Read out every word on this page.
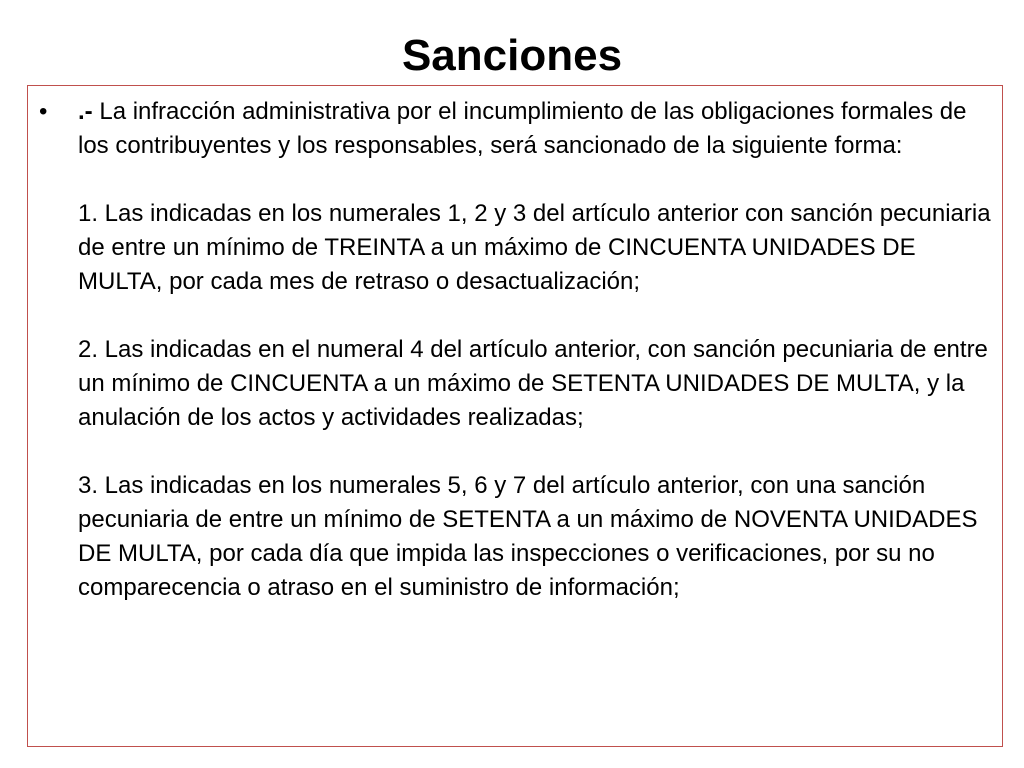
Sanciones
• .- La infracción administrativa por el incumplimiento de las obligaciones formales de los contribuyentes y los responsables, será sancionado de la siguiente forma:

1. Las indicadas en los numerales 1, 2 y 3 del artículo anterior con sanción pecuniaria de entre un mínimo de TREINTA a un máximo de CINCUENTA UNIDADES DE MULTA, por cada mes de retraso o desactualización;

2. Las indicadas en el numeral 4 del artículo anterior, con sanción pecuniaria de entre un mínimo de CINCUENTA a un máximo de SETENTA UNIDADES DE MULTA, y la anulación de los actos y actividades realizadas;

3. Las indicadas en los numerales 5, 6 y 7 del artículo anterior, con una sanción pecuniaria de entre un mínimo de SETENTA a un máximo de NOVENTA UNIDADES DE MULTA, por cada día que impida las inspecciones o verificaciones, por su no comparecencia o atraso en el suministro de información;
